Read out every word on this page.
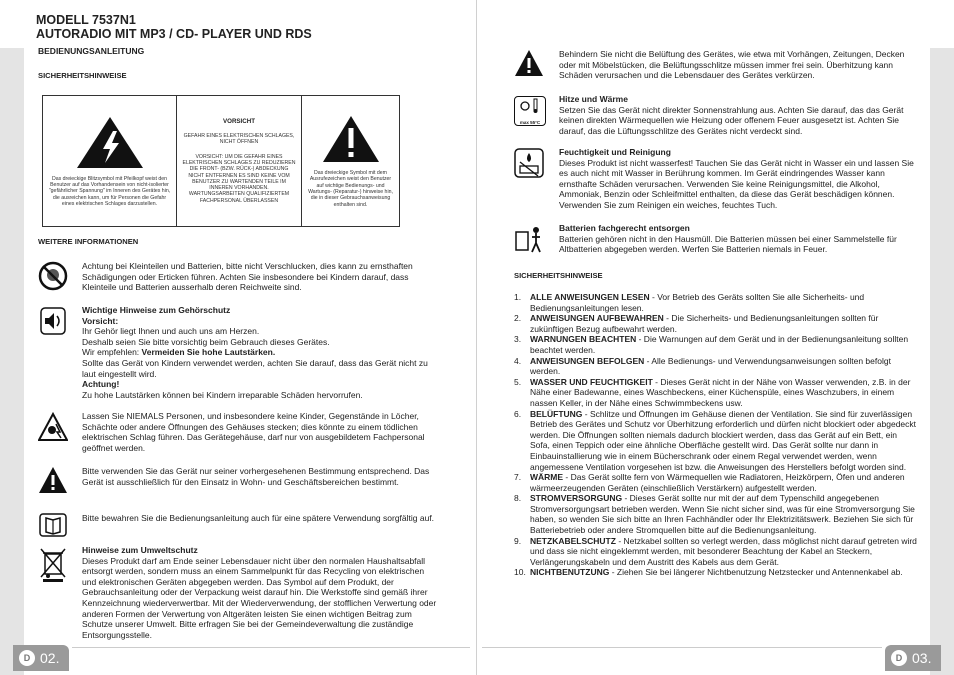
MODELL 7537N1
AUTORADIO MIT MP3 / CD- PLAYER UND RDS
BEDIENUNGSANLEITUNG
SICHERHEITSHINWEISE
Das dreieckige Blitzsymbol mit Pfeilkopf weist den Benutzer auf das Vorhandensein von nicht-isolierter "gefährlicher Spannung" im Inneren des Gerätes hin, die ausreichen kann, um für Personen die Gefahr eines elektrischen Schlages darzustellen.
VORSICHT
GEFAHR EINES ELEKTRISCHEN SCHLAGES, NICHT ÖFFNEN
VORSICHT: UM DIE GEFAHR EINES ELEKTRISCHEN SCHLAGES ZU REDUZIEREN DIE FRONT- (BZW. RÜCK-) ABDECKUNG NICHT ENTFERNEN ES SIND KEINE VOM BENUTZER ZU WARTENDEN TEILE IM INNEREN VORHANDEN. WARTUNGSARBEITEN QUALIFIZIERTEM FACHPERSONAL ÜBERLASSEN
Das dreieckige Symbol mit dem Ausrufezeichen weist den Benutzer auf wichtige Bedienungs- und Wartungs- (Reparatur-) hinweise hin, die in dieser Gebrauchsanweisung enthalten sind.
WEITERE INFORMATIONEN

Achtung bei Kleinteilen und Batterien, bitte nicht Verschlucken, dies kann zu ernsthaften Schädigungen oder Erticken führen. Achten Sie insbesondere bei Kindern darauf, dass Kleinteile und Batterien ausserhalb deren Reichweite sind.

Wichtige Hinweise zum Gehörschutz

Vorsicht:

Ihr Gehör liegt Ihnen und auch uns am Herzen.

Deshalb seien Sie bitte vorsichtig beim Gebrauch dieses Gerätes.

Wir empfehlen: Vermeiden Sie hohe Lautstärken.

Sollte das Gerät von Kindern verwendet werden, achten Sie darauf, dass das Gerät nicht zu laut eingestellt wird.

Achtung!

Zu hohe Lautstärken können bei Kindern irreparable Schäden hervorrufen.

Lassen Sie NIEMALS Personen, und insbesondere keine Kinder, Gegenstände in Löcher, Schächte oder andere Öffnungen des Gehäuses stecken; dies könnte zu einem tödlichen elektrischen Schlag führen. Das Gerätegehäuse, darf nur von ausgebildetem Fachpersonal geöffnet werden.

Bitte verwenden Sie das Gerät nur seiner vorhergesehenen Bestimmung entsprechend. Das Gerät ist ausschließlich für den Einsatz in Wohn- und Geschäftsbereichen bestimmt.

Bitte bewahren Sie die Bedienungsanleitung auch für eine spätere Verwendung sorgfältig auf.

Hinweise zum Umweltschutz

Dieses Produkt darf am Ende seiner Lebensdauer nicht über den normalen Haushaltsabfall entsorgt werden, sondern muss an einem Sammelpunkt für das Recycling von elektrischen und elektronischen Geräten abgegeben werden. Das Symbol auf dem Produkt, der Gebrauchsanleitung oder der Verpackung weist darauf hin. Die Werkstoffe sind gemäß ihrer Kennzeichnung wiederverwertbar. Mit der Wiederverwendung, der stofflichen Verwertung oder anderen Formen der Verwertung von Altgeräten leisten Sie einen wichtigen Beitrag zum Schutze unserer Umwelt. Bitte erfragen Sie bei der Gemeindeverwaltung die zuständige Entsorgungsstelle.

D 02.

Behindern Sie nicht die Belüftung des Gerätes, wie etwa mit Vorhängen, Zeitungen, Decken oder mit Möbelstücken, die Belüftungsschlitze müssen immer frei sein. Überhitzung kann Schäden verursachen und die Lebensdauer des Gerätes verkürzen.

max 55°C

Hitze und Wärme

Setzen Sie das Gerät nicht direkter Sonnenstrahlung aus. Achten Sie darauf, das das Gerät keinen direkten Wärmequellen wie Heizung oder offenem Feuer ausgesetzt ist. Achten Sie darauf, das die Lüftungsschlitze des Gerätes nicht verdeckt sind.

Feuchtigkeit und Reinigung

Dieses Produkt ist nicht wasserfest! Tauchen Sie das Gerät nicht in Wasser ein und lassen Sie es auch nicht mit Wasser in Berührung kommen. Im Gerät eindringendes Wasser kann ernsthafte Schäden verursachen. Verwenden Sie keine Reinigungsmittel, die Alkohol, Ammoniak, Benzin oder Schleifmittel enthalten, da diese das Gerät beschädigen können. Verwenden Sie zum Reinigen ein weiches, feuchtes Tuch.

Batterien fachgerecht entsorgen

Batterien gehören nicht in den Hausmüll. Die Batterien müssen bei einer Sammelstelle für Altbatterien abgegeben werden. Werfen Sie Batterien niemals in Feuer.

SICHERHEITSHINWEISE
1.	ALLE ANWEISUNGEN LESEN - Vor Betrieb des Geräts sollten Sie alle Sicherheits- und Bedienungsanleitungen lesen.
2.	ANWEISUNGEN AUFBEWAHREN - Die Sicherheits- und Bedienungsanleitungen sollten für zukünftigen Bezug aufbewahrt werden.
3.	WARNUNGEN BEACHTEN - Die Warnungen auf dem Gerät und in der Bedienungsanleitung sollten beachtet werden.
4.	ANWEISUNGEN BEFOLGEN - Alle Bedienungs- und Verwendungsanweisungen sollten befolgt werden.
5.	WASSER UND FEUCHTIGKEIT - Dieses Gerät nicht in der Nähe von Wasser verwenden, z.B. in der Nähe einer Badewanne, eines Waschbeckens, einer Küchenspüle, eines Waschzubers, in einem nassen Keller, in der Nähe eines Schwimmbeckens usw.
6.	BELÜFTUNG - Schlitze und Öffnungen im Gehäuse dienen der Ventilation. Sie sind für zuverlässigen Betrieb des Gerätes und Schutz vor Überhitzung erforderlich und dürfen nicht blockiert oder abgedeckt werden. Die Öffnungen sollten niemals dadurch blockiert werden, dass das Gerät auf ein Bett, ein Sofa, einen Teppich oder eine ähnliche Oberfläche gestellt wird. Das Gerät sollte nur dann in Einbauinstallierung wie in einem Bücherschrank oder einem Regal verwendet werden, wenn angemessene Ventilation vorgesehen ist bzw. die Anweisungen des Herstellers befolgt worden sind.
7.	WÄRME - Das Gerät sollte fern von Wärmequellen wie Radiatoren, Heizkörpern, Öfen und anderen wärmeerzeugenden Geräten (einschließlich Verstärkern) aufgestellt werden.
8.	STROMVERSORGUNG - Dieses Gerät sollte nur mit der auf dem Typenschild angegebenen Stromversorgungsart betrieben werden. Wenn Sie nicht sicher sind, was für eine Stromversorgung Sie haben, so wenden Sie sich bitte an Ihren Fachhändler oder Ihr Elektrizitätswerk. Beziehen Sie sich für Batteriebetrieb oder andere Stromquellen bitte auf die Bedienungsanleitung.
9.	NETZKABELSCHUTZ - Netzkabel sollten so verlegt werden, dass möglichst nicht darauf getreten wird und dass sie nicht eingeklemmt werden, mit besonderer Beachtung der Kabel an Steckern, Verlängerungskabeln und dem Austritt des Kabels aus dem Gerät.
10. NICHTBENUTZUNG - Ziehen Sie bei längerer Nichtbenutzung Netzstecker und Antennenkabel ab.
D 03.
